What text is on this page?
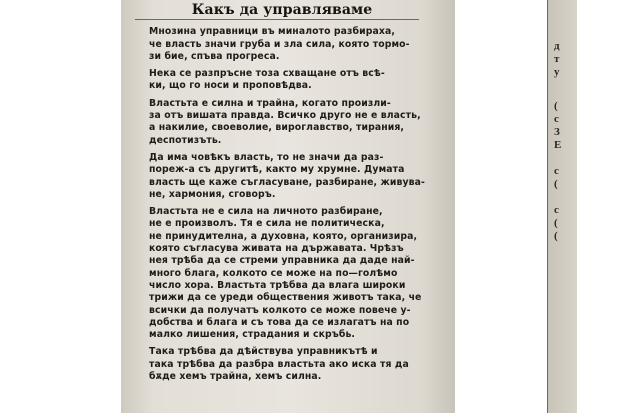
Какъ да управляваме
Мнозина управници въ миналото разбираха,
че власть значи груба и зла сила, която тормо-
зи бие, спъва прогреса.
Нека се разпръсне тоза схващане отъ всѣ-
ки, що го носи и проповѣдва.
Властьта е силна и трайна, когато произли-
за отъ вишата правда. Всичко друго не е власть,
а накилие, своеволие, вироглавство, тирания,
деспотизъть.
Да има човѣкъ власть, то не значи да раз-
пореж-а съ другитѣ, както му хрумне. Думата
власть ще каже съгласуване, разбиране, живува-
не, хармония, сговоръ.
Властьта не е сила на личното разбиране,
не е произволъ. Тя е сила не политическа,
не принудителна, а духовна, която, организира,
която съгласува живата на държавата. Чрѣзъ
нея трѣба да се стреми управника да даде най-
много блага, колкото се може на по—голѣмо
число хора. Властьта трѣбва да влага широки
трижи да се уреди обществения животъ така, че
всички да получатъ колкото се може повече у-
добства и блага и съ това да се излагатъ на по
малко лишения, страдания и скръбь.
Така трѣбва да дѣйствува управникътѣ и
така трѣбва да разбра властьта ако иска тя да
бѫде хемъ трайна, хемъ силна.
д
т
у
(
с
З
Е
с
(
с
(
(
